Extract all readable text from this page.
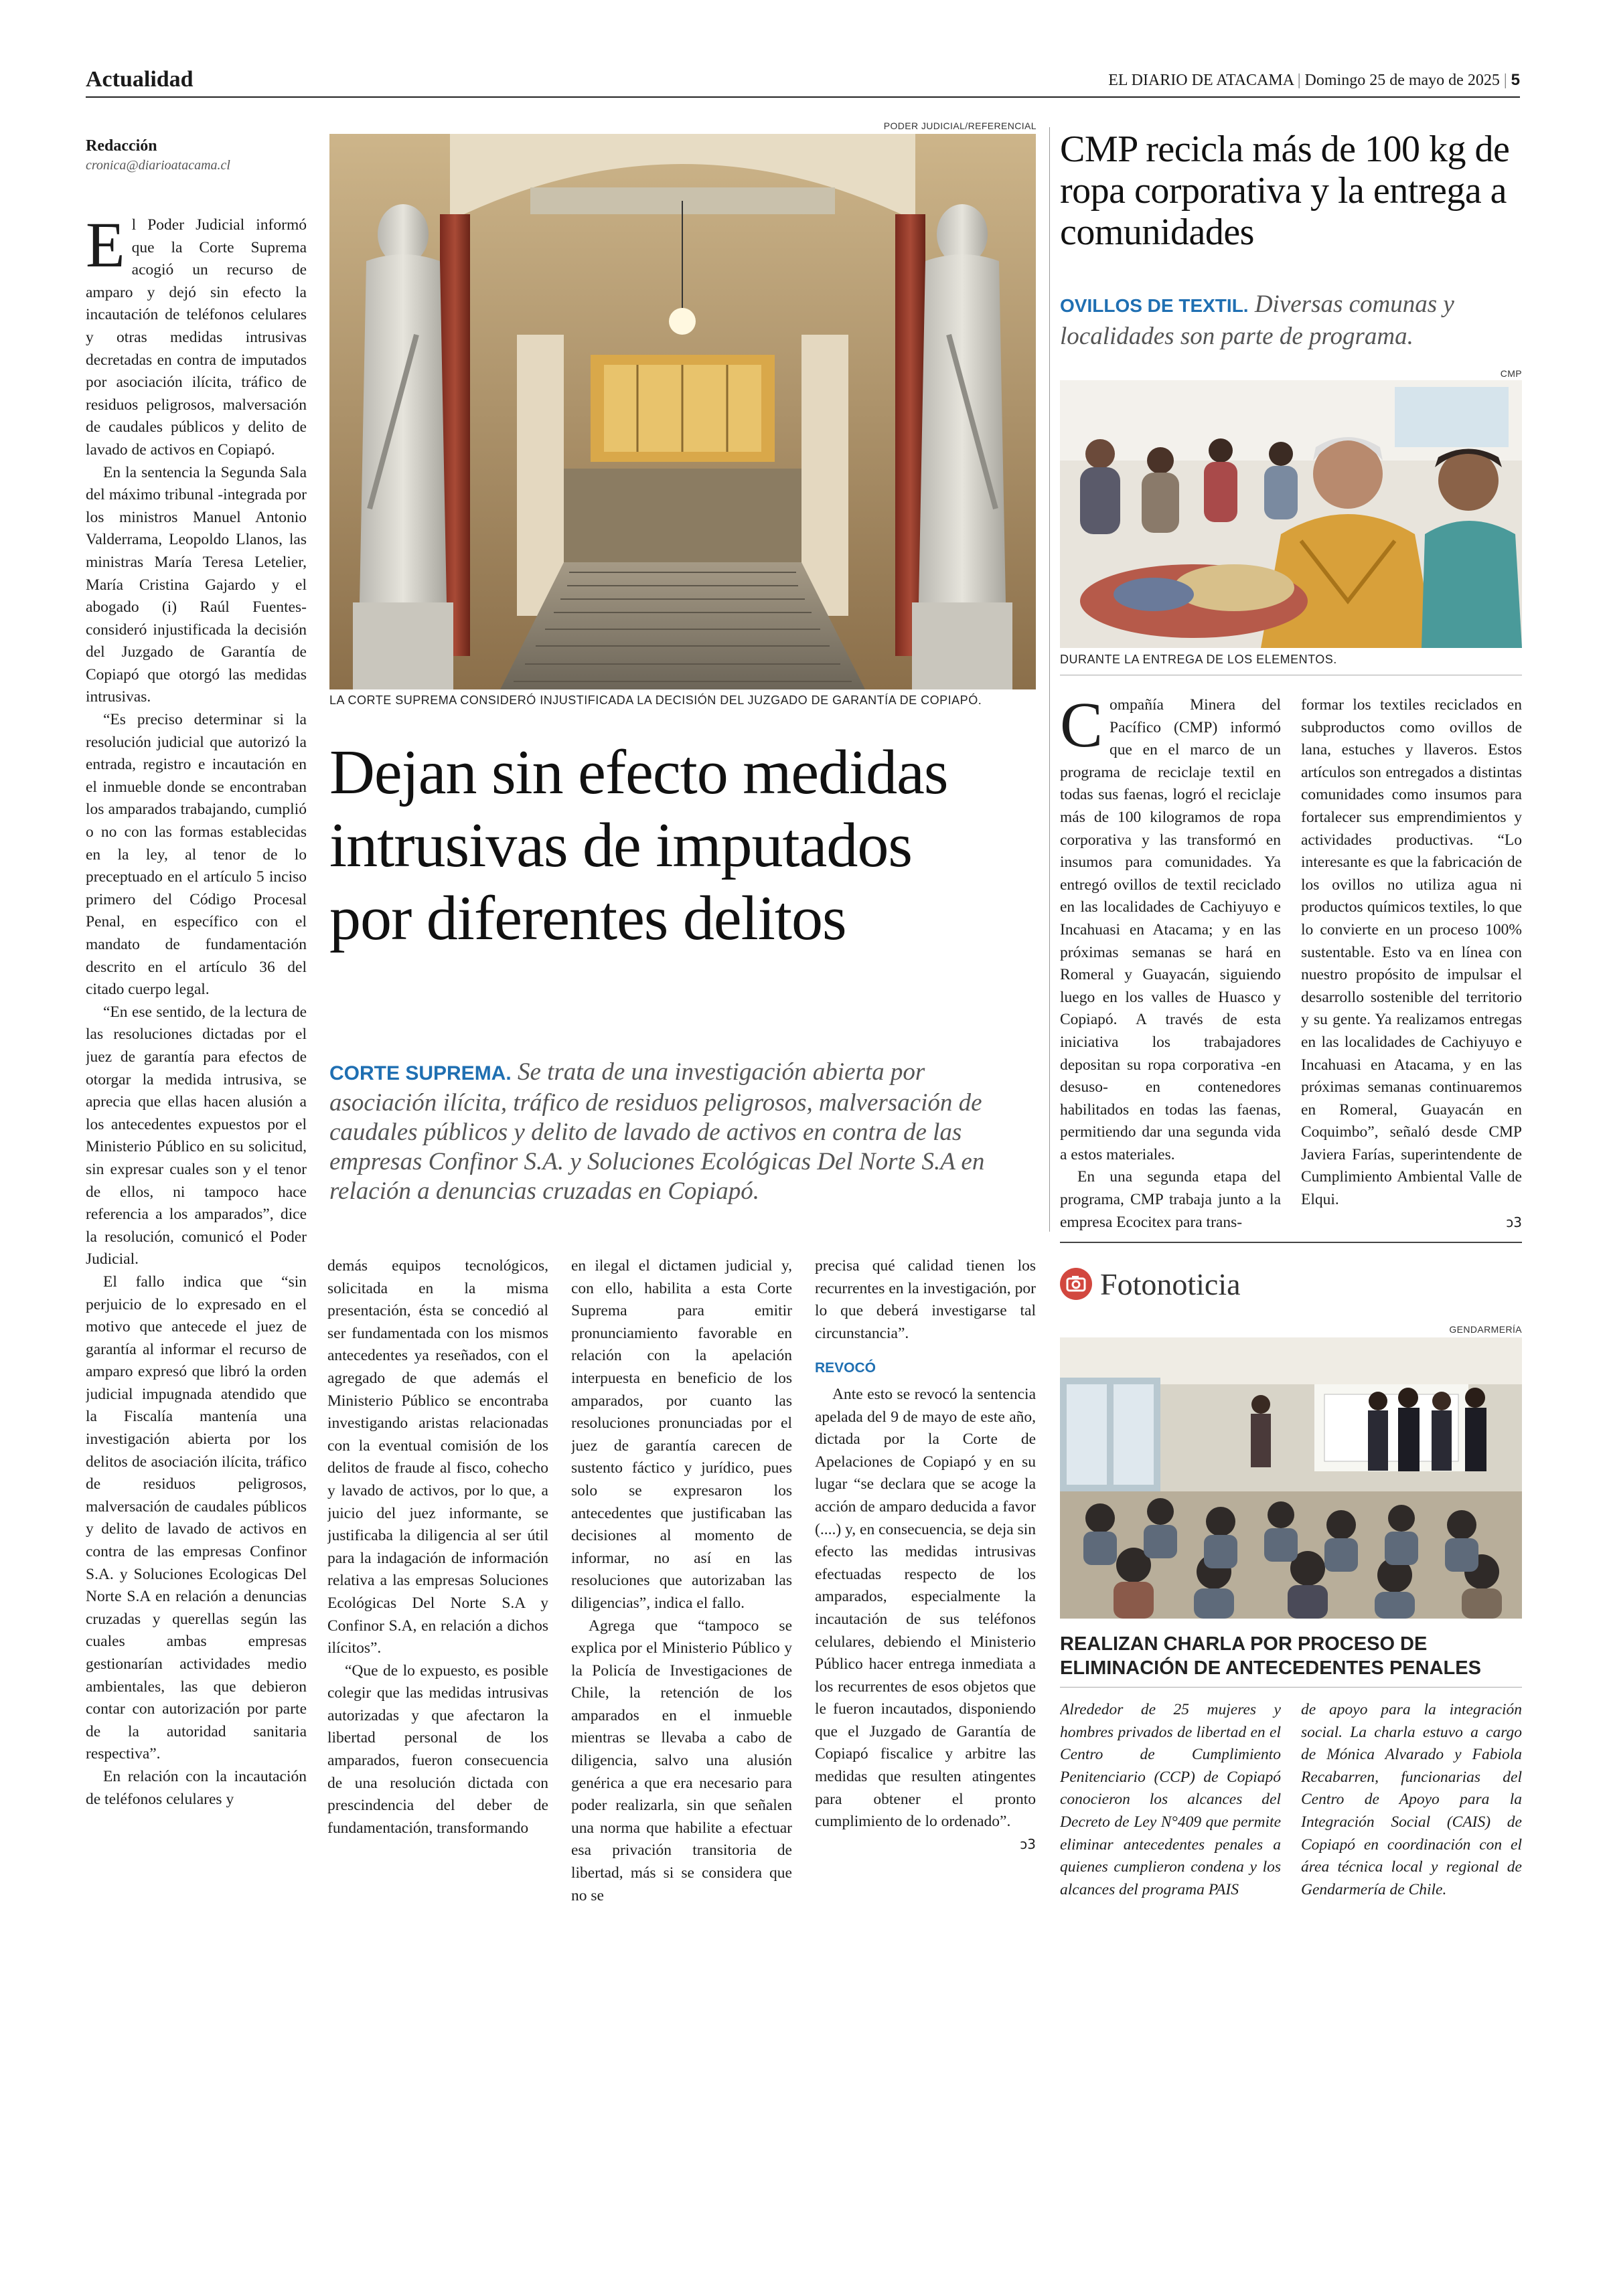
Actualidad	EL DIARIO DE ATACAMA | Domingo 25 de mayo de 2025 | 5
Redacción
cronica@diarioatacama.cl
PODER JUDICIAL/REFERENCIAL
LA CORTE SUPREMA CONSIDERÓ INJUSTIFICADA LA DECISIÓN DEL JUZGADO DE GARANTÍA DE COPIAPÓ.
Dejan sin efecto medidas intrusivas de imputados por diferentes delitos
CORTE SUPREMA. Se trata de una investigación abierta por asociación ilícita, tráfico de residuos peligrosos, malversación de caudales públicos y delito de lavado de activos en contra de las empresas Confinor S.A. y Soluciones Ecológicas Del Norte S.A en relación a denuncias cruzadas en Copiapó.

El Poder Judicial informó que la Corte Suprema acogió un recurso de amparo y dejó sin efecto la incautación de teléfonos celulares y otras medidas intrusivas decretadas en contra de imputados por asociación ilícita, tráfico de residuos peligrosos, malversación de caudales públicos y delito de lavado de activos en Copiapó.

En la sentencia la Segunda Sala del máximo tribunal -integrada por los ministros Manuel Antonio Valderrama, Leopoldo Llanos, las ministras María Teresa Letelier, María Cristina Gajardo y el abogado (i) Raúl Fuentes- consideró injustificada la decisión del Juzgado de Garantía de Copiapó que otorgó las medidas intrusivas.

“Es preciso determinar si la resolución judicial que autorizó la entrada, registro e incautación en el inmueble donde se encontraban los amparados trabajando, cumplió o no con las formas establecidas en la ley, al tenor de lo preceptuado en el artículo 5 inciso primero del Código Procesal Penal, en específico con el mandato de fundamentación descrito en el artículo 36 del citado cuerpo legal.

“En ese sentido, de la lectura de las resoluciones dictadas por el juez de garantía para efectos de otorgar la medida intrusiva, se aprecia que ellas hacen alusión a los antecedentes expuestos por el Ministerio Público en su solicitud, sin expresar cuales son y el tenor de ellos, ni tampoco hace referencia a los amparados”, dice la resolución, comunicó el Poder Judicial.

El fallo indica que “sin perjuicio de lo expresado en el motivo que antecede el juez de garantía al informar el recurso de amparo expresó que libró la orden judicial impugnada atendido que la Fiscalía mantenía una investigación abierta por los delitos de asociación ilícita, tráfico de residuos peligrosos, malversación de caudales públicos y delito de lavado de activos en contra de las empresas Confinor S.A. y Soluciones Ecologicas Del Norte S.A en relación a denuncias cruzadas y querellas según las cuales ambas empresas gestionarían actividades medio ambientales, las que debieron contar con autorización por parte de la autoridad sanitaria respectiva”.

En relación con la incautación de teléfonos celulares y

demás equipos tecnológicos, solicitada en la misma presentación, ésta se concedió al ser fundamentada con los mismos antecedentes ya reseñados, con el agregado de que además el Ministerio Público se encontraba investigando aristas relacionadas con la eventual comisión de los delitos de fraude al fisco, cohecho y lavado de activos, por lo que, a juicio del juez informante, se justificaba la diligencia al ser útil para la indagación de información relativa a las empresas Soluciones Ecológicas Del Norte S.A y Confinor S.A, en relación a dichos ilícitos”.

“Que de lo expuesto, es posible colegir que las medidas intrusivas autorizadas y que afectaron la libertad personal de los amparados, fueron consecuencia de una resolución dictada con prescindencia del deber de fundamentación, transformando

en ilegal el dictamen judicial y, con ello, habilita a esta Corte Suprema para emitir pronunciamiento favorable en relación con la apelación interpuesta en beneficio de los amparados, por cuanto las resoluciones pronunciadas por el juez de garantía carecen de sustento fáctico y jurídico, pues solo se expresaron los antecedentes que justificaban las decisiones al momento de informar, no así en las resoluciones que autorizaban las diligencias”, indica el fallo.

Agrega que “tampoco se explica por el Ministerio Público y la Policía de Investigaciones de Chile, la retención de los amparados en el inmueble mientras se llevaba a cabo de diligencia, salvo una alusión genérica a que era necesario para poder realizarla, sin que señalen una norma que habilite a efectuar esa privación transitoria de libertad, más si se considera que no se

precisa qué calidad tienen los recurrentes en la investigación, por lo que deberá investigarse tal circunstancia”.

REVOCÓ

Ante esto se revocó la sentencia apelada del 9 de mayo de este año, dictada por la Corte de Apelaciones de Copiapó y en su lugar “se declara que se acoge la acción de amparo deducida a favor (....) y, en consecuencia, se deja sin efecto las medidas intrusivas efectuadas respecto de los amparados, especialmente la incautación de sus teléfonos celulares, debiendo el Ministerio Público hacer entrega inmediata a los recurrentes de esos objetos que le fueron incautados, disponiendo que el Juzgado de Garantía de Copiapó fiscalice y arbitre las medidas que resulten atingentes para obtener el pronto cumplimiento de lo ordenado”.

ↄ3
CMP recicla más de 100 kg de ropa corporativa y la entrega a comunidades
OVILLOS DE TEXTIL. Diversas comunas y localidades son parte de programa.
CMP
DURANTE LA ENTREGA DE LOS ELEMENTOS.

Compañía Minera del Pacífico (CMP) informó que en el marco de un programa de reciclaje textil en todas sus faenas, logró el reciclaje más de 100 kilogramos de ropa corporativa y las transformó en insumos para comunidades. Ya entregó ovillos de textil reciclado en las localidades de Cachiyuyo e Incahuasi en Atacama; y en las próximas semanas se hará en Romeral y Guayacán, siguiendo luego en los valles de Huasco y Copiapó. A través de esta iniciativa los trabajadores depositan su ropa corporativa -en desuso- en contenedores habilitados en todas las faenas, permitiendo dar una segunda vida a estos materiales.

En una segunda etapa del programa, CMP trabaja junto a la empresa Ecocitex para trans-

formar los textiles reciclados en subproductos como ovillos de lana, estuches y llaveros. Estos artículos son entregados a distintas comunidades como insumos para fortalecer sus emprendimientos y actividades productivas. “Lo interesante es que la fabricación de los ovillos no utiliza agua ni productos químicos textiles, lo que lo convierte en un proceso 100% sustentable. Esto va en línea con nuestro propósito de impulsar el desarrollo sostenible del territorio y su gente. Ya realizamos entregas en las localidades de Cachiyuyo e Incahuasi en Atacama, y en las próximas semanas continuaremos en Romeral, Guayacán en Coquimbo”, señaló desde CMP Javiera Farías, superintendente de Cumplimiento Ambiental Valle de Elqui.

ↄ3
Fotonoticia
GENDARMERÍA
REALIZAN CHARLA POR PROCESO DE ELIMINACIÓN DE ANTECEDENTES PENALES

Alrededor de 25 mujeres y hombres privados de libertad en el Centro de Cumplimiento Penitenciario (CCP) de Copiapó conocieron los alcances del Decreto de Ley N°409 que permite eliminar antecedentes penales a quienes cumplieron condena y los alcances del programa PAIS

de apoyo para la integración social. La charla estuvo a cargo de Mónica Alvarado y Fabiola Recabarren, funcionarias del Centro de Apoyo para la Integración Social (CAIS) de Copiapó en coordinación con el área técnica local y regional de Gendarmería de Chile.
